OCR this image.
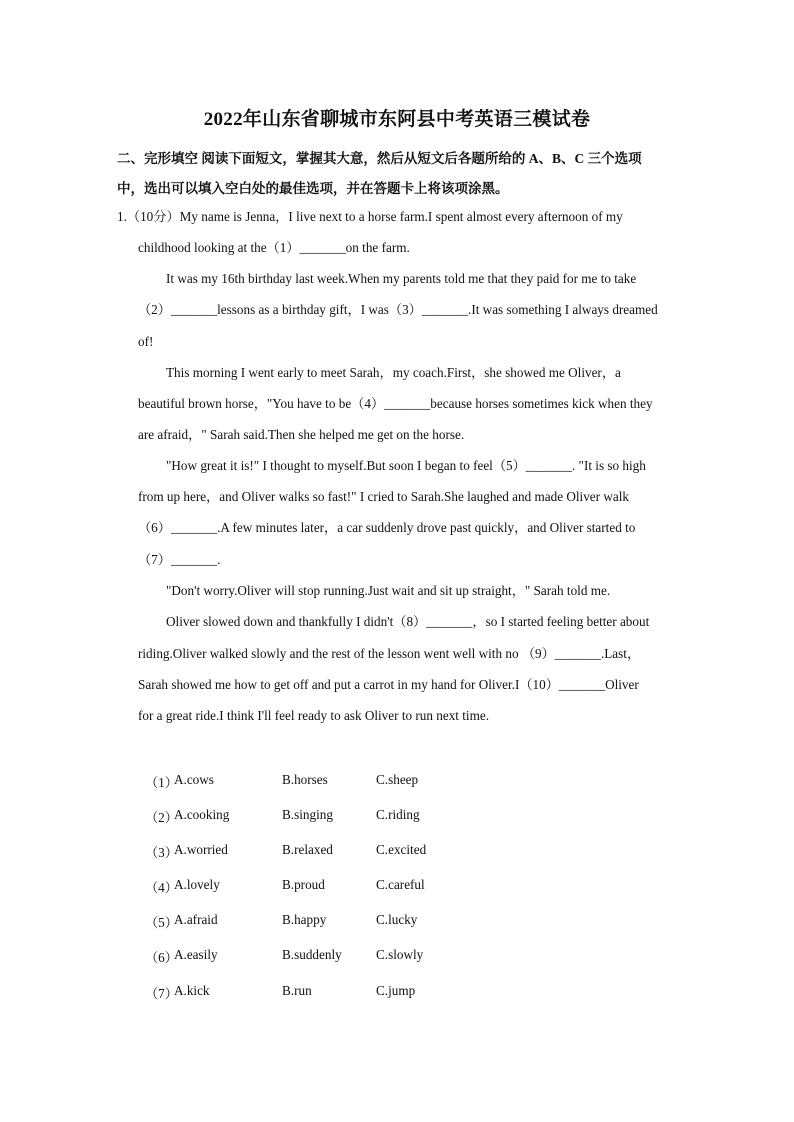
2022年山东省聊城市东阿县中考英语三模试卷
二、完形填空 阅读下面短文，掌握其大意，然后从短文后各题所给的 A、B、C 三个选项
中，选出可以填入空白处的最佳选项，并在答题卡上将该项涂黑。
1.（10分）My name is Jenna，I live next to a horse farm.I spent almost every afternoon of my
childhood looking at the（1）_______on the farm.
It was my 16th birthday last week.When my parents told me that they paid for me to take
（2）_______lessons as a birthday gift，I was（3）_______.It was something I always dreamed
of!
This morning I went early to meet Sarah，my coach.First，she showed me Oliver，a
beautiful brown horse，"You have to be（4）_______because horses sometimes kick when they
are afraid，" Sarah said.Then she helped me get on the horse.
"How great it is!" I thought to myself.But soon I began to feel（5）_______. "It is so high
from up here，and Oliver walks so fast!" I cried to Sarah.She laughed and made Oliver walk
（6）_______.A few minutes later，a car suddenly drove past quickly，and Oliver started to
（7）_______.
"Don't worry.Oliver will stop running.Just wait and sit up straight，" Sarah told me.
Oliver slowed down and thankfully I didn't（8）_______，so I started feeling better about
riding.Oliver walked slowly and the rest of the lesson went well with no （9）_______.Last，
Sarah showed me how to get off and put a carrot in my hand for Oliver.I（10）_______Oliver
for a great ride.I think I'll feel ready to ask Oliver to run next time.
（1）
A.cows	B.horses	C.sheep
（2）
A.cooking	B.singing	C.riding
（3）
A.worried	B.relaxed	C.excited
（4）
A.lovely	B.proud	C.careful
（5）
A.afraid	B.happy	C.lucky
（6）
A.easily	B.suddenly	C.slowly
（7）
A.kick	B.run	C.jump
